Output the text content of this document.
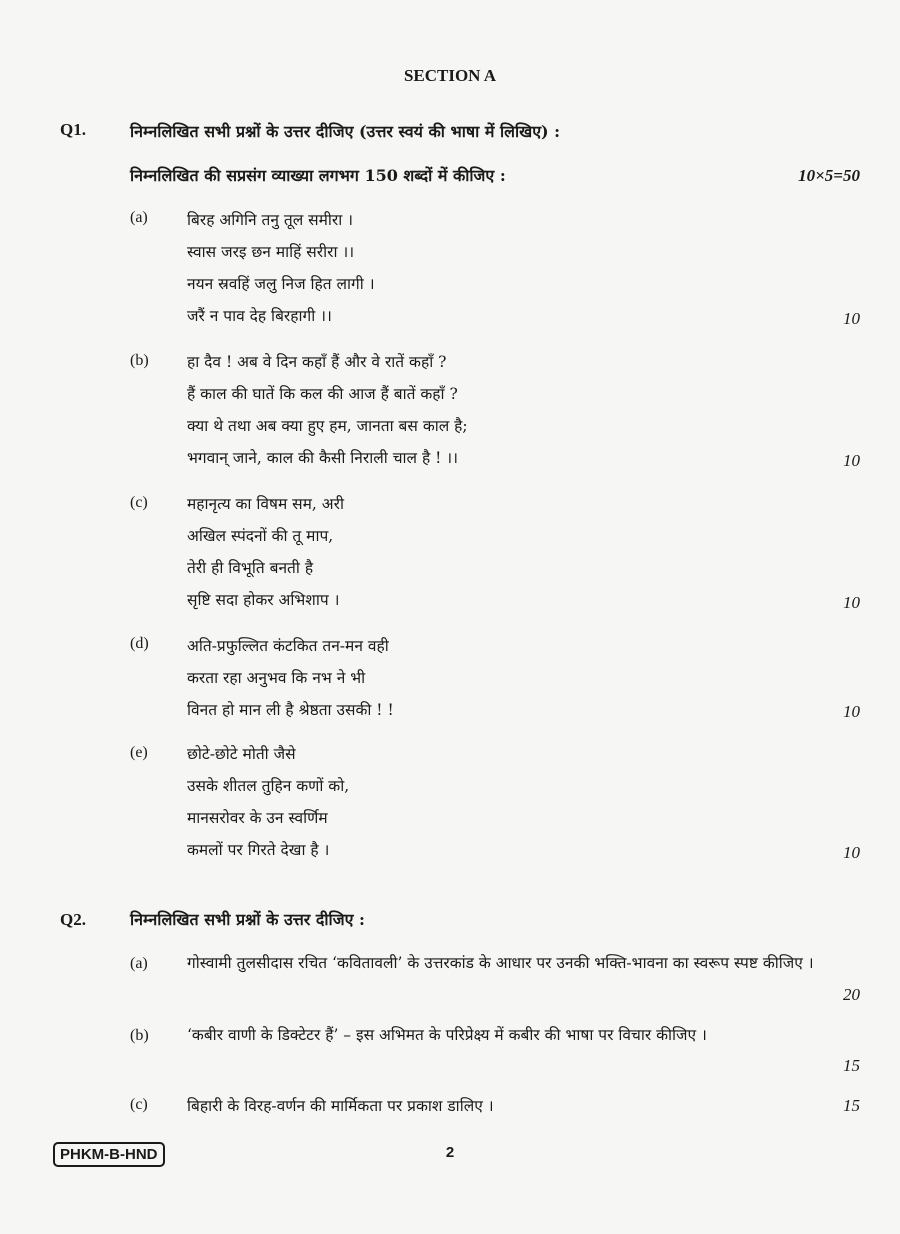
SECTION A
Q1.	निम्नलिखित सभी प्रश्नों के उत्तर दीजिए (उत्तर स्वयं की भाषा में लिखिए) :
निम्नलिखित की सप्रसंग व्याख्या लगभग 150 शब्दों में कीजिए :	10×5=50
(a)	बिरह अगिनि तनु तूल समीरा ।
स्वास जरइ छन माहिं सरीरा ।।
नयन स्रवहिं जलु निज हित लागी ।
जरैं न पाव देह बिरहागी ।।	10
(b) हा दैव ! अब वे दिन कहाँ हैं और वे रातें कहाँ ?
हैं काल की घातें कि कल की आज हैं बातें कहाँ ?
क्या थे तथा अब क्या हुए हम, जानता बस काल है;
भगवान् जाने, काल की कैसी निराली चाल है ! ।।	10
(c)	महानृत्य का विषम सम, अरी
अखिल स्पंदनों की तू माप,
तेरी ही विभूति बनती है
सृष्टि सदा होकर अभिशाप ।	10
(d) अति-प्रफुल्लित कंटकित तन-मन वही
करता रहा अनुभव कि नभ ने भी
विनत हो मान ली है श्रेष्ठता उसकी ! !	10
(e)	छोटे-छोटे मोती जैसे
उसके शीतल तुहिन कणों को,
मानसरोवर के उन स्वर्णिम
कमलों पर गिरते देखा है ।	10
Q2.	निम्नलिखित सभी प्रश्नों के उत्तर दीजिए :
(a)	गोस्वामी तुलसीदास रचित ‘कवितावली’ के उत्तरकांड के आधार पर उनकी भक्ति-भावना का स्वरूप स्पष्ट कीजिए ।
20
(b) ‘कबीर वाणी के डिक्टेटर हैं’ – इस अभिमत के परिप्रेक्ष्य में कबीर की भाषा पर विचार कीजिए ।
15
(c)	बिहारी के विरह-वर्णन की मार्मिकता पर प्रकाश डालिए ।	15
PHKM-B-HND	2
